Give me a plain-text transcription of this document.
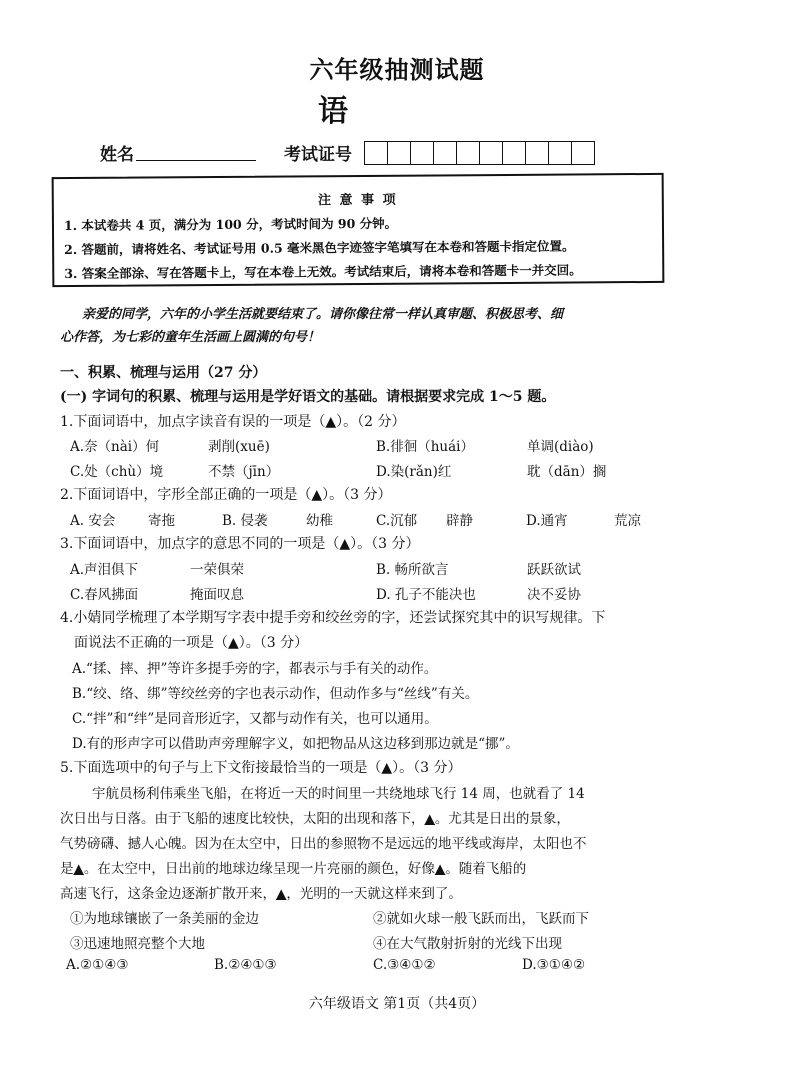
六年级抽测试题
语
姓名	考试证号
注 意 事 项
1. 本试卷共 4 页，满分为 100 分，考试时间为 90 分钟。
2. 答题前，请将姓名、考试证号用 0.5 毫米黑色字迹签字笔填写在本卷和答题卡指定位置。
3. 答案全部涂、写在答题卡上，写在本卷上无效。考试结束后，请将本卷和答题卡一并交回。
亲爱的同学，六年的小学生活就要结束了。请你像往常一样认真审题、积极思考、细
心作答，为七彩的童年生活画上圆满的句号！
一、积累、梳理与运用（27 分）
(一) 字词句的积累、梳理与运用是学好语文的基础。请根据要求完成 1～5 题。
1.下面词语中，加点字读音有误的一项是（▲）。（2 分）
A.奈（nài）何	剥削(xuē)	B.徘徊（huái）	单调(diào)
C.处（chù）境	不禁（jīn）	D.染(rǎn)红	耽（dān）搁
2.下面词语中，字形全部正确的一项是（▲）。（3 分）
A. 安会 寄拖	B. 侵袭	幼稚	C.沉郁 辟静	D.通宵	荒凉
3.下面词语中，加点字的意思不同的一项是（▲）。（3 分）
A.声泪俱下	一荣俱荣	B. 畅所欲言	跃跃欲试
C.春风拂面	掩面叹息	D. 孔子不能决也	决不妥协
4.小婧同学梳理了本学期写字表中提手旁和绞丝旁的字，还尝试探究其中的识写规律。下
面说法不正确的一项是（▲）。（3 分）
A.“揉、摔、押”等许多提手旁的字，都表示与手有关的动作。
B.“绞、络、绑”等绞丝旁的字也表示动作，但动作多与“丝线”有关。
C.“拌”和“绊”是同音形近字，又都与动作有关，也可以通用。
D.有的形声字可以借助声旁理解字义，如把物品从这边移到那边就是“挪”。
5.下面选项中的句子与上下文衔接最恰当的一项是（▲）。（3 分）
宇航员杨利伟乘坐飞船，在将近一天的时间里一共绕地球飞行 14 周，也就看了 14
次日出与日落。由于飞船的速度比较快，太阳的出现和落下，▲。尤其是日出的景象，
气势磅礴、撼人心魄。因为在太空中，日出的参照物不是远远的地平线或海岸，太阳也不
是▲。在太空中，日出前的地球边缘呈现一片亮丽的颜色，好像▲。随着飞船的
高速飞行，这条金边逐渐扩散开来，▲，光明的一天就这样来到了。
①为地球镶嵌了一条美丽的金边	②就如火球一般飞跃而出，飞跃而下
③迅速地照亮整个大地	④在大气散射折射的光线下出现
A.②①④③	B.②④①③	C.③④①②	D.③①④②
六年级语文 第1页（共4页）
